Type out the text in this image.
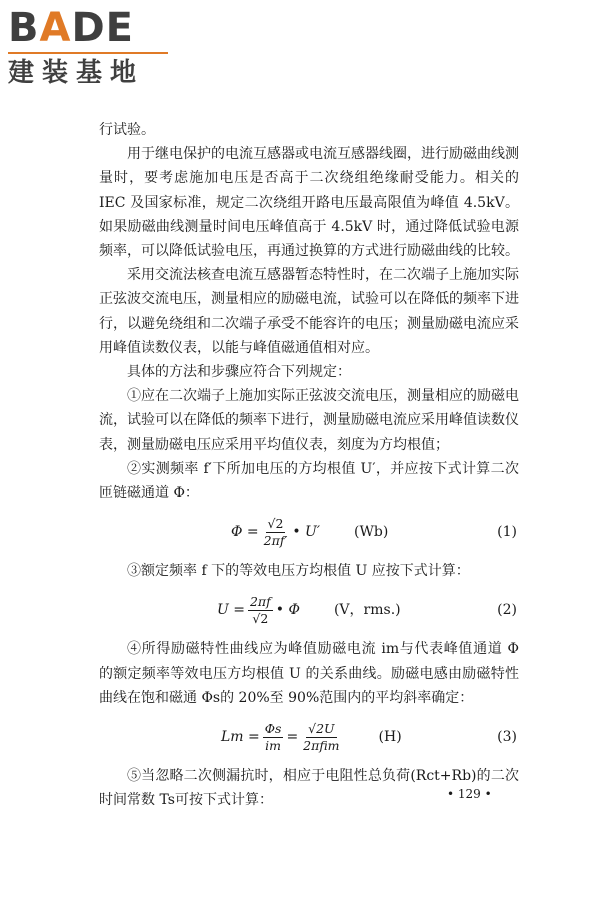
BADE
建装基地

行试验。

用于继电保护的电流互感器或电流互感器线圈，进行励磁曲线测量时，要考虑施加电压是否高于二次绕组绝缘耐受能力。相关的 IEC 及国家标准，规定二次绕组开路电压最高限值为峰值 4.5kV。如果励磁曲线测量时间电压峰值高于 4.5kV 时，通过降低试验电源频率，可以降低试验电压，再通过换算的方式进行励磁曲线的比较。

采用交流法核查电流互感器暂态特性时，在二次端子上施加实际正弦波交流电压，测量相应的励磁电流，试验可以在降低的频率下进行，以避免绕组和二次端子承受不能容许的电压；测量励磁电流应采用峰值读数仪表，以能与峰值磁通值相对应。

具体的方法和步骤应符合下列规定：

①应在二次端子上施加实际正弦波交流电压，测量相应的励磁电流，试验可以在降低的频率下进行，测量励磁电流应采用峰值读数仪表，测量励磁电压应采用平均值仪表，刻度为方均根值；

②实测频率 f′下所加电压的方均根值 U′，并应按下式计算二次匝链磁通道 Φ：

$\Phi = \frac{√2}{2\pi f'}$ • U′ (Wb)	(1)

③额定频率 f 下的等效电压方均根值 U 应按下式计算：

$U = \frac{2\pi f}{√2}$ • Φ (V，rms.)	(2)

④所得励磁特性曲线应为峰值励磁电流 im与代表峰值通道 Φ 的额定频率等效电压方均根值 U 的关系曲线。励磁电感由励磁特性曲线在饱和磁通 Φs的 20%至 90%范围内的平均斜率确定：

$Lm = \frac{\Phi s}{im} = \frac{√2U}{\text{2πfim}}$	(H)	(3)

⑤当忽略二次侧漏抗时，相应于电阻性总负荷(Rct+Rb)的二次时间常数 Ts可按下式计算：	• 129 •
